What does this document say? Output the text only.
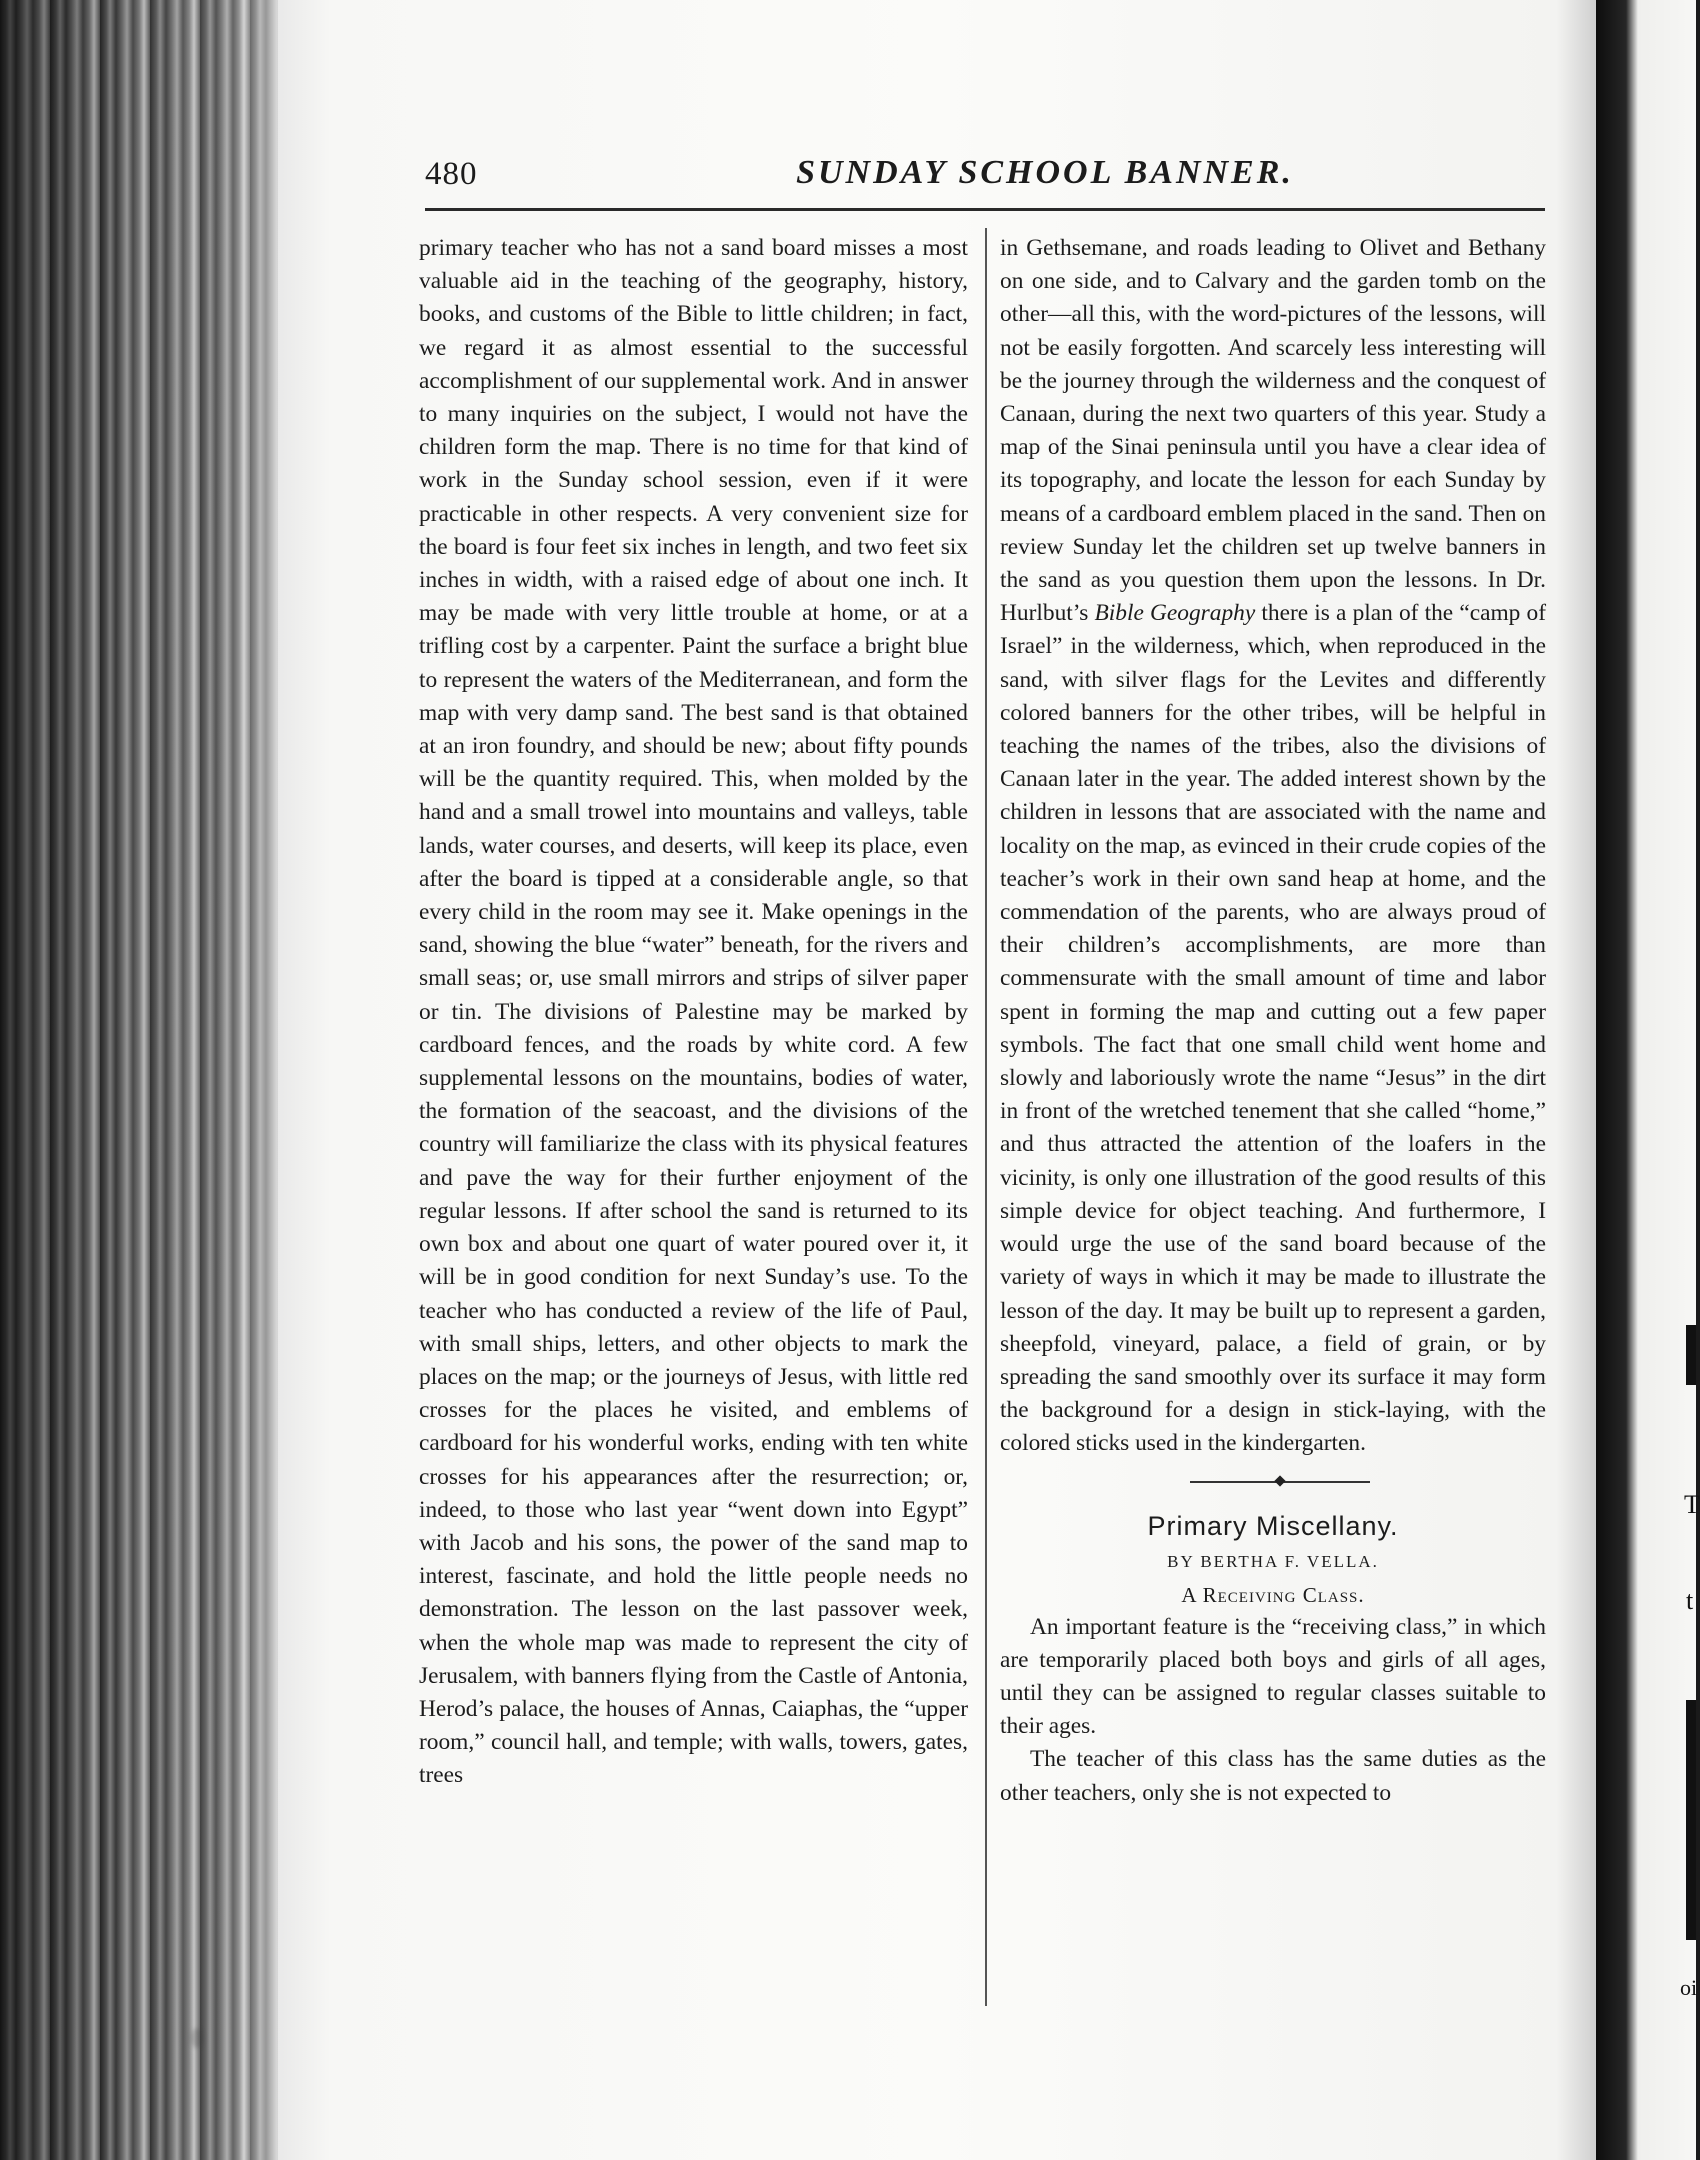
T
t
oi
480	SUNDAY SCHOOL BANNER.

primary teacher who has not a sand board misses a most valuable aid in the teaching of the geography, history, books, and customs of the Bible to little children; in fact, we regard it as almost essential to the successful accomplishment of our supplemental work. And in answer to many inquiries on the subject, I would not have the children form the map. There is no time for that kind of work in the Sunday school session, even if it were practicable in other respects. A very convenient size for the board is four feet six inches in length, and two feet six inches in width, with a raised edge of about one inch. It may be made with very little trouble at home, or at a trifling cost by a carpenter. Paint the surface a bright blue to represent the waters of the Mediterranean, and form the map with very damp sand. The best sand is that obtained at an iron foundry, and should be new; about fifty pounds will be the quantity required. This, when molded by the hand and a small trowel into mountains and valleys, table lands, water courses, and deserts, will keep its place, even after the board is tipped at a considerable angle, so that every child in the room may see it. Make openings in the sand, showing the blue “water” beneath, for the rivers and small seas; or, use small mirrors and strips of silver paper or tin. The divisions of Palestine may be marked by cardboard fences, and the roads by white cord. A few supplemental lessons on the mountains, bodies of water, the formation of the seacoast, and the divisions of the country will familiarize the class with its physical features and pave the way for their further enjoyment of the regular lessons. If after school the sand is returned to its own box and about one quart of water poured over it, it will be in good condition for next Sunday’s use. To the teacher who has conducted a review of the life of Paul, with small ships, letters, and other objects to mark the places on the map; or the journeys of Jesus, with little red crosses for the places he visited, and emblems of cardboard for his wonderful works, ending with ten white crosses for his appearances after the resurrection; or, indeed, to those who last year “went down into Egypt” with Jacob and his sons, the power of the sand map to interest, fascinate, and hold the little people needs no demonstration. The lesson on the last passover week, when the whole map was made to represent the city of Jerusalem, with banners flying from the Castle of Antonia, Herod’s palace, the houses of Annas, Caiaphas, the “upper room,” council hall, and temple; with walls, towers, gates, trees

in Gethsemane, and roads leading to Olivet and Bethany on one side, and to Calvary and the garden tomb on the other—all this, with the word-pictures of the lessons, will not be easily forgotten. And scarcely less interesting will be the journey through the wilderness and the conquest of Canaan, during the next two quarters of this year. Study a map of the Sinai peninsula until you have a clear idea of its topography, and locate the lesson for each Sunday by means of a cardboard emblem placed in the sand. Then on review Sunday let the children set up twelve banners in the sand as you question them upon the lessons. In Dr. Hurlbut’s Bible Geography there is a plan of the “camp of Israel” in the wilderness, which, when reproduced in the sand, with silver flags for the Levites and differently colored banners for the other tribes, will be helpful in teaching the names of the tribes, also the divisions of Canaan later in the year. The added interest shown by the children in lessons that are associated with the name and locality on the map, as evinced in their crude copies of the teacher’s work in their own sand heap at home, and the commendation of the parents, who are always proud of their children’s accomplishments, are more than commensurate with the small amount of time and labor spent in forming the map and cutting out a few paper symbols. The fact that one small child went home and slowly and laboriously wrote the name “Jesus” in the dirt in front of the wretched tenement that she called “home,” and thus attracted the attention of the loafers in the vicinity, is only one illustration of the good results of this simple device for object teaching. And furthermore, I would urge the use of the sand board because of the variety of ways in which it may be made to illustrate the lesson of the day. It may be built up to represent a garden, sheepfold, vineyard, palace, a field of grain, or by spreading the sand smoothly over its surface it may form the background for a design in stick-laying, with the colored sticks used in the kindergarten.

Primary Miscellany.
BY BERTHA F. VELLA.
A Receiving Class.

An important feature is the “receiving class,” in which are temporarily placed both boys and girls of all ages, until they can be assigned to regular classes suitable to their ages.

The teacher of this class has the same duties as the other teachers, only she is not expected to
